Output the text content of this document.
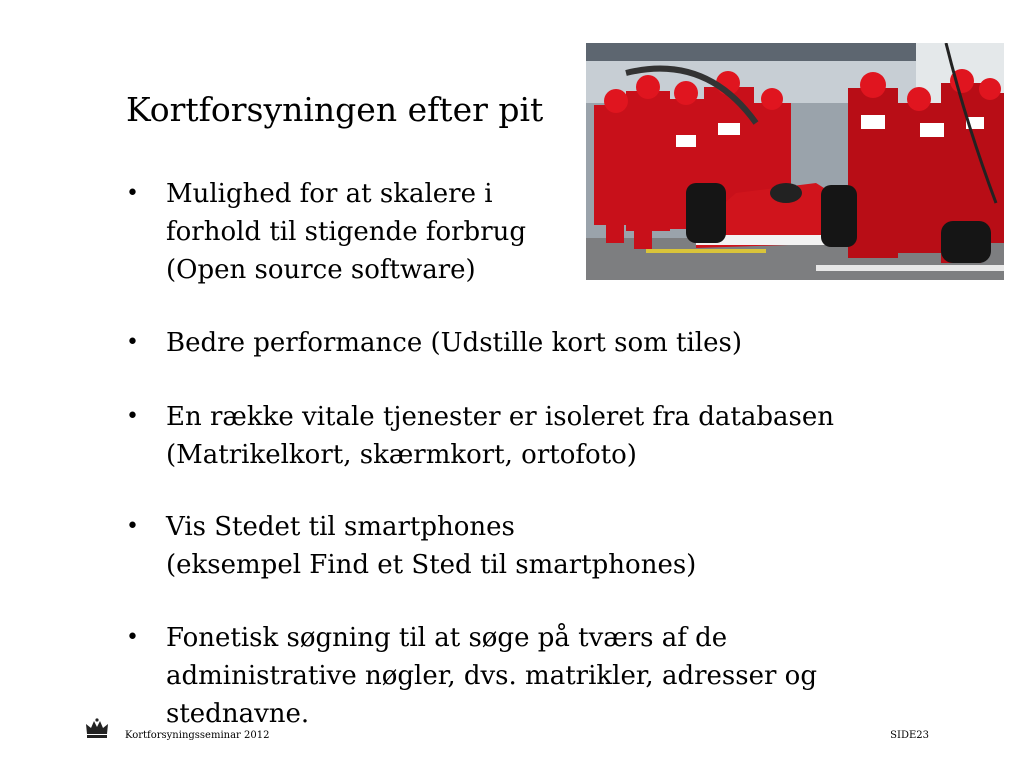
Kortforsyningen efter pit
• Mulighed for at skalere i
forhold til stigende forbrug
(Open source software)
• Bedre performance (Udstille kort som tiles)
• En række vitale tjenester er isoleret fra databasen
(Matrikelkort, skærmkort, ortofoto)
• Vis Stedet til smartphones
(eksempel Find et Sted til smartphones)
• Fonetisk søgning til at søge på tværs af de
administrative nøgler, dvs. matrikler, adresser og
stednavne.
Kortforsyningsseminar 2012	SIDE23
